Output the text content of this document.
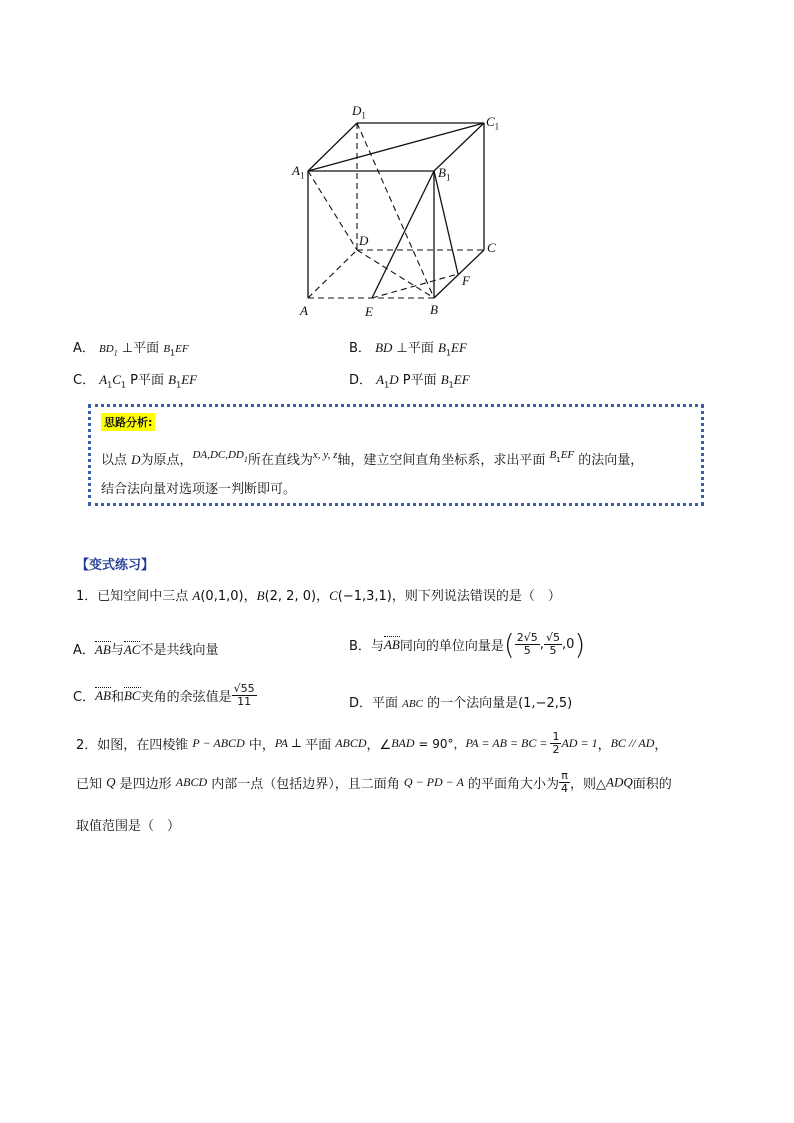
$D_1$	$C_1$
$A_1$	$B_1$
D	C
F
A	E	B
A． $BD_1$ ⊥平面 $B_1EF$	B． BD ⊥平面 $B_1EF$
C． $A_1C_1$ P平面 $B_1EF$	D． $A_1D$ P平面 $B_1EF$
思路分析:
以点 D为原点，$^{DA,DC,DD}_1$所在直线为$^{x, y, z}$轴，建立空间直角坐标系，求出平面 $^B_1^{EF}$ 的法向量，
结合法向量对选项逐一判断即可。
【变式练习】
1．已知空间中三点 A(0,1,0)，B(2, 2, 0)，C(−1,3,1)，则下列说法错误的是（　）
A．AB与AC不是共线向量	B．与AB同向的单位向量是( $\frac{2√5}{5}$ , $\frac{√5}{5} ,0$)
C．AB和BC夹角的余弦值是 $\frac{√55}{11}$	D．平面 ABC 的一个法向量是(1,−2,5)
2．如图，在四棱锥 P − ABCD 中，PA ⊥ 平面 ABCD，∠BAD = 90°，PA = AB = BC = $\frac{1}{2}$ AD = 1，BC // AD，
已知 Q 是四边形 ABCD 内部一点（包括边界），且二面角 Q − PD − A 的平面角大小为 $\frac{\pi}{4}$ ，则△ADQ面积的
取值范围是（　）
